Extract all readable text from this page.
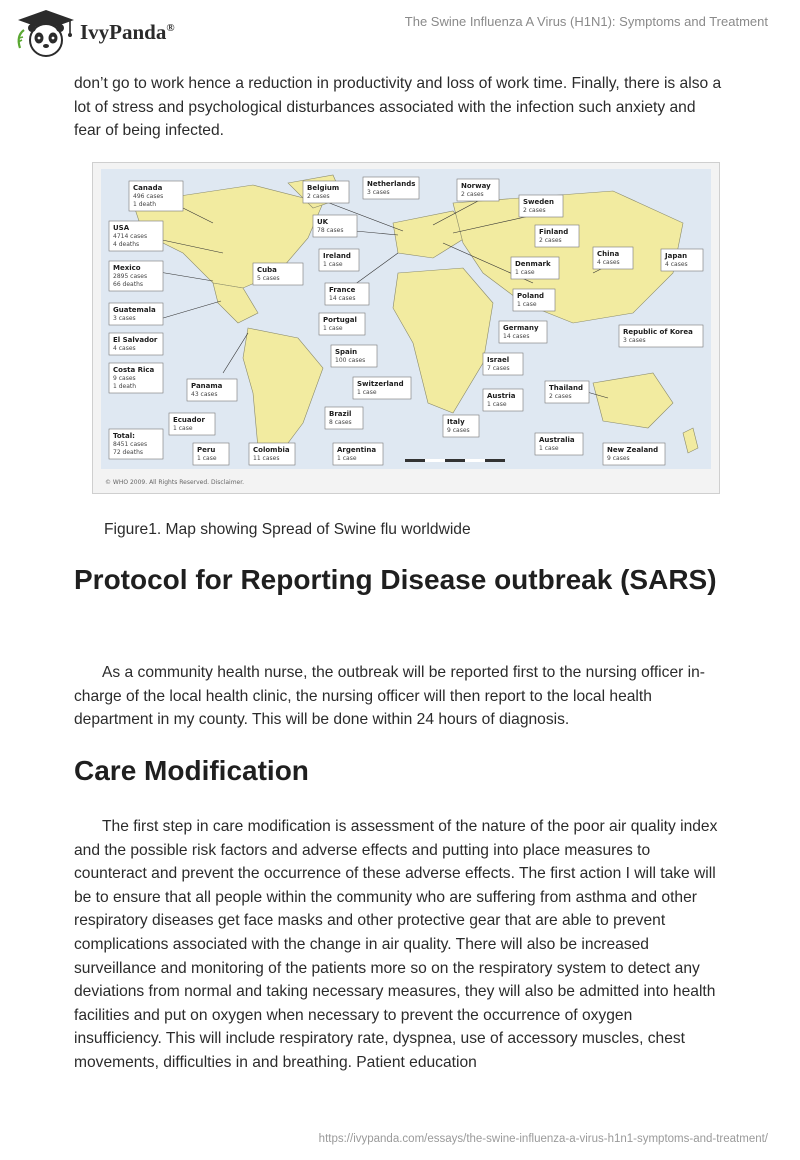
IvyPanda®	The Swine Influenza A Virus (H1N1): Symptoms and Treatment

don’t go to work hence a reduction in productivity and loss of work time. Finally, there is also a lot of stress and psychological disturbances associated with the infection such anxiety and fear of being infected.

Canada
496 cases
1 death
USA
4714 cases
4 deaths
Mexico
2895 cases
66 deaths
Guatemala
3 cases
El Salvador
4 cases
Costa Rica
9 cases
1 death
Total:
8451 cases
72 deaths
Cuba
5 cases
Panama
43 cases
Ecuador
1 case
Peru
1 case
Colombia
11 cases
Belgium
2 cases
UK
78 cases
Ireland
1 case
France
14 cases
Portugal
1 case
Spain
100 cases
Switzerland
1 case
Brazil
8 cases
Argentina
1 case
Netherlands
3 cases
Norway
2 cases
Sweden
2 cases
Finland
2 cases
Denmark
1 case
Poland
1 case
Germany
14 cases
Israel
7 cases
Austria
1 case
Italy
9 cases
China
4 cases
Japan
4 cases
Republic of Korea
3 cases
Thailand
2 cases
Australia
1 case	New Zealand
9 cases
© WHO 2009. All Rights Reserved. Disclaimer.
Figure1. Map showing Spread of Swine flu worldwide
Protocol for Reporting Disease outbreak (SARS)

As a community health nurse, the outbreak will be reported first to the nursing officer in-charge of the local health clinic, the nursing officer will then report to the local health department in my county. This will be done within 24 hours of diagnosis.

Care Modification

The first step in care modification is assessment of the nature of the poor air quality index and the possible risk factors and adverse effects and putting into place measures to counteract and prevent the occurrence of these adverse effects. The first action I will take will be to ensure that all people within the community who are suffering from asthma and other respiratory diseases get face masks and other protective gear that are able to prevent complications associated with the change in air quality. There will also be increased surveillance and monitoring of the patients more so on the respiratory system to detect any deviations from normal and taking necessary measures, they will also be admitted into health facilities and put on oxygen when necessary to prevent the occurrence of oxygen insufficiency. This will include respiratory rate, dyspnea, use of accessory muscles, chest movements, difficulties in and breathing. Patient education

https://ivypanda.com/essays/the-swine-influenza-a-virus-h1n1-symptoms-and-treatment/
